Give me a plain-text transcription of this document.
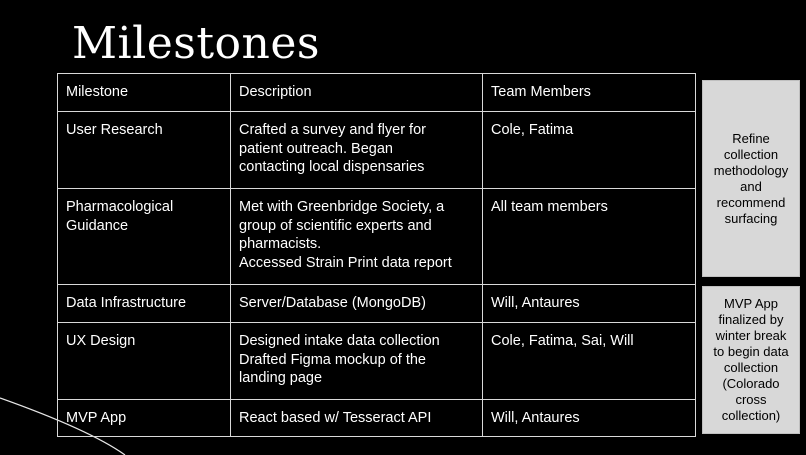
Milestones
Milestone	Description	Team Members
User Research	Crafted a survey and flyer for
patient outreach. Began
contacting local dispensaries	Cole, Fatima
Pharmacological
Guidance	Met with Greenbridge Society, a
group of scientific experts and
pharmacists.
Accessed Strain Print data report	All team members
Data Infrastructure	Server/Database (MongoDB)	Will, Antaures
UX Design	Designed intake data collection
Drafted Figma mockup of the
landing page	Cole, Fatima, Sai, Will
MVP App	React based w/ Tesseract API	Will, Antaures
Refine
collection
methodology
and
recommend
surfacing
MVP App
finalized by
winter break
to begin data
collection
(Colorado
cross
collection)
